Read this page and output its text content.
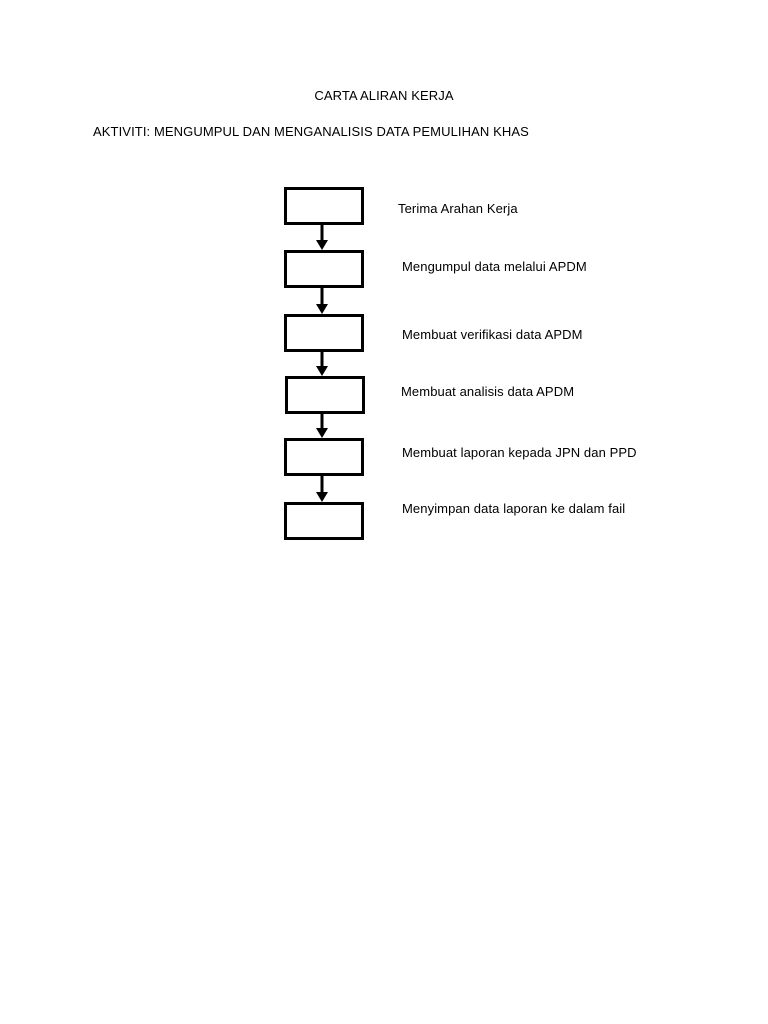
CARTA ALIRAN KERJA
AKTIVITI: MENGUMPUL DAN MENGANALISIS DATA PEMULIHAN KHAS
Terima Arahan Kerja
Mengumpul data melalui APDM
Membuat verifikasi data APDM
Membuat analisis data APDM
Membuat laporan kepada JPN dan PPD
Menyimpan data laporan ke dalam fail
